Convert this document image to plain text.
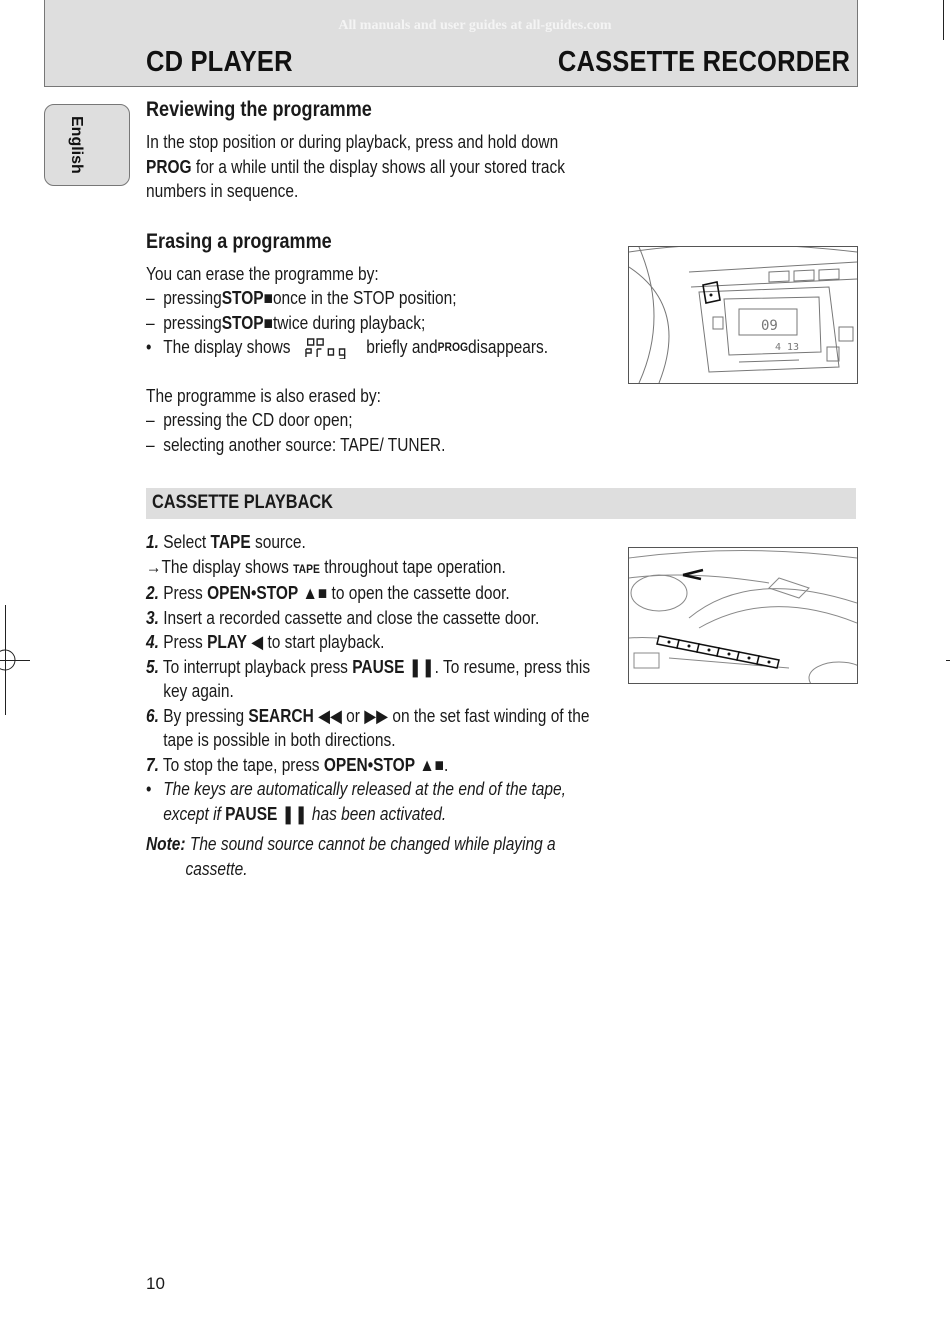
All manuals and user guides at all-guides.com
CD PLAYER	CASSETTE RECORDER
English
Reviewing the programme
In the stop position or during playback, press and hold down
PROG for a while until the display shows all your stored track
numbers in sequence.
Erasing a programme
You can erase the programme by:
– pressing STOP ■ once in the STOP position;
– pressing STOP ■ twice during playback;
• The display shows	briefly and PROG disappears.
The programme is also erased by:
– pressing the CD door open;
– selecting another source: TAPE/ TUNER.
CASSETTE PLAYBACK
1. Select TAPE source.
→The display shows TAPE throughout tape operation.
2. Press OPEN•STOP ▲■ to open the cassette door.
3. Insert a recorded cassette and close the cassette door.
4. Press PLAY ◀ to start playback.
5. To interrupt playback press PAUSE ❚❚. To resume, press this
key again.
6. By pressing SEARCH ◀◀ or ▶▶ on the set fast winding of the
tape is possible in both directions.
7. To stop the tape, press OPEN•STOP ▲■.
• The keys are automatically released at the end of the tape,
except if PAUSE ❚❚ has been activated.
Note: The sound source cannot be changed while playing a
cassette.
09
4 13
10
